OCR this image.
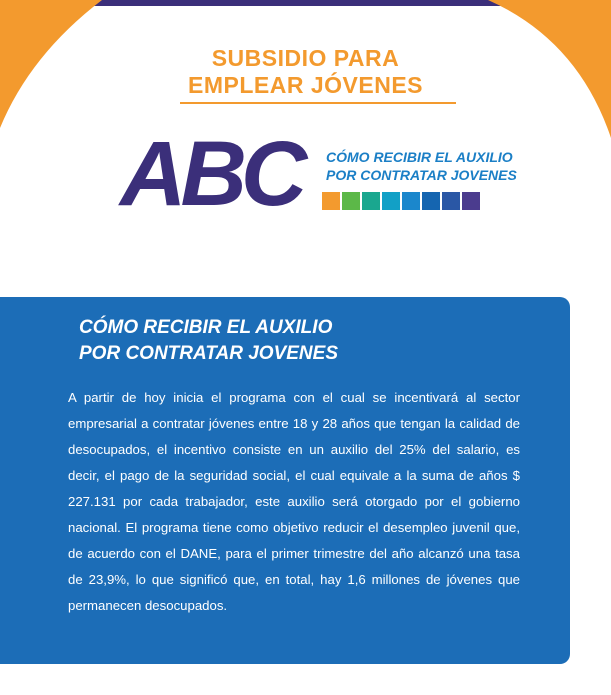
SUBSIDIO PARA
EMPLEAR JÓVENES
ABC CÓMO RECIBIR EL AUXILIO
POR CONTRATAR JOVENES
CÓMO RECIBIR EL AUXILIO
POR CONTRATAR JOVENES
A partir de hoy inicia el programa con el cual se incentivará al sector empresarial a contratar jóvenes entre 18 y 28 años que tengan la calidad de desocupados, el incentivo consiste en un auxilio del 25% del salario, es decir, el pago de la seguridad social, el cual equivale a la suma de años $ 227.131 por cada trabajador, este auxilio será otorgado por el gobierno nacional. El programa tiene como objetivo reducir el desempleo juvenil que, de acuerdo con el DANE, para el primer trimestre del año alcanzó una tasa de 23,9%, lo que significó que, en total, hay 1,6 millones de jóvenes que permanecen desocupados.
